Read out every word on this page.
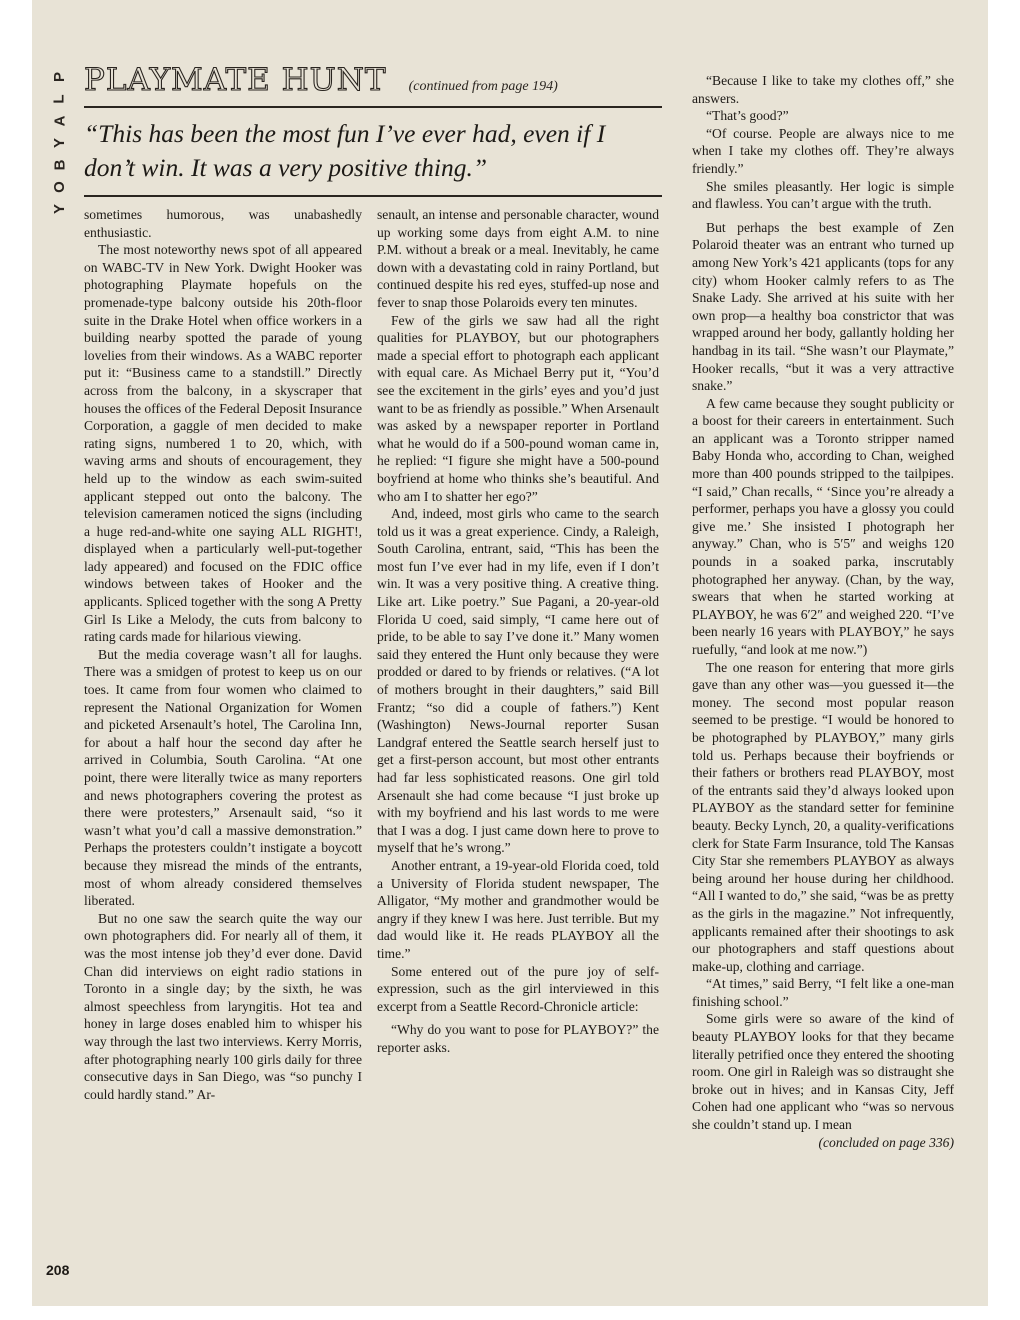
P
L
A
Y
B
O
Y
PLAYMATE HUNT (continued from page 194)
“This has been the most fun I’ve ever had, even if I don’t win. It was a very positive thing.”

sometimes humorous, was unabashedly enthusiastic.

The most noteworthy news spot of all appeared on WABC-TV in New York. Dwight Hooker was photographing Playmate hopefuls on the promenade-type balcony outside his 20th-floor suite in the Drake Hotel when office workers in a building nearby spotted the parade of young lovelies from their windows. As a WABC reporter put it: “Business came to a standstill.” Directly across from the balcony, in a skyscraper that houses the offices of the Federal Deposit Insurance Corporation, a gaggle of men decided to make rating signs, numbered 1 to 20, which, with waving arms and shouts of encouragement, they held up to the window as each swim-suited applicant stepped out onto the balcony. The television cameramen noticed the signs (including a huge red-and-white one saying ALL RIGHT!, displayed when a particularly well-put-together lady appeared) and focused on the FDIC office windows between takes of Hooker and the applicants. Spliced together with the song A Pretty Girl Is Like a Melody, the cuts from balcony to rating cards made for hilarious viewing.

But the media coverage wasn’t all for laughs. There was a smidgen of protest to keep us on our toes. It came from four women who claimed to represent the National Organization for Women and picketed Arsenault’s hotel, The Carolina Inn, for about a half hour the second day after he arrived in Columbia, South Carolina. “At one point, there were literally twice as many reporters and news photographers covering the protest as there were protesters,” Arsenault said, “so it wasn’t what you’d call a massive demonstration.” Perhaps the protesters couldn’t instigate a boycott because they misread the minds of the entrants, most of whom already considered themselves liberated.

But no one saw the search quite the way our own photographers did. For nearly all of them, it was the most intense job they’d ever done. David Chan did interviews on eight radio stations in Toronto in a single day; by the sixth, he was almost speechless from laryngitis. Hot tea and honey in large doses enabled him to whisper his way through the last two interviews. Kerry Morris, after photographing nearly 100 girls daily for three consecutive days in San Diego, was “so punchy I could hardly stand.” Ar-

senault, an intense and personable character, wound up working some days from eight A.M. to nine P.M. without a break or a meal. Inevitably, he came down with a devastating cold in rainy Portland, but continued despite his red eyes, stuffed-up nose and fever to snap those Polaroids every ten minutes.

Few of the girls we saw had all the right qualities for PLAYBOY, but our photographers made a special effort to photograph each applicant with equal care. As Michael Berry put it, “You’d see the excitement in the girls’ eyes and you’d just want to be as friendly as possible.” When Arsenault was asked by a newspaper reporter in Portland what he would do if a 500-pound woman came in, he replied: “I figure she might have a 500-pound boyfriend at home who thinks she’s beautiful. And who am I to shatter her ego?”

And, indeed, most girls who came to the search told us it was a great experience. Cindy, a Raleigh, South Carolina, entrant, said, “This has been the most fun I’ve ever had in my life, even if I don’t win. It was a very positive thing. A creative thing. Like art. Like poetry.” Sue Pagani, a 20-year-old Florida U coed, said simply, “I came here out of pride, to be able to say I’ve done it.” Many women said they entered the Hunt only because they were prodded or dared to by friends or relatives. (“A lot of mothers brought in their daughters,” said Bill Frantz; “so did a couple of fathers.”) Kent (Washington) News-Journal reporter Susan Landgraf entered the Seattle search herself just to get a first-person account, but most other entrants had far less sophisticated reasons. One girl told Arsenault she had come because “I just broke up with my boyfriend and his last words to me were that I was a dog. I just came down here to prove to myself that he’s wrong.”

Another entrant, a 19-year-old Florida coed, told a University of Florida student newspaper, The Alligator, “My mother and grandmother would be angry if they knew I was here. Just terrible. But my dad would like it. He reads PLAYBOY all the time.”

Some entered out of the pure joy of self-expression, such as the girl interviewed in this excerpt from a Seattle Record-Chronicle article:

“Why do you want to pose for PLAYBOY?” the reporter asks.

“Because I like to take my clothes off,” she answers.

“That’s good?”

“Of course. People are always nice to me when I take my clothes off. They’re always friendly.”

She smiles pleasantly. Her logic is simple and flawless. You can’t argue with the truth.

But perhaps the best example of Zen Polaroid theater was an entrant who turned up among New York’s 421 applicants (tops for any city) whom Hooker calmly refers to as The Snake Lady. She arrived at his suite with her own prop—a healthy boa constrictor that was wrapped around her body, gallantly holding her handbag in its tail. “She wasn’t our Playmate,” Hooker recalls, “but it was a very attractive snake.”

A few came because they sought publicity or a boost for their careers in entertainment. Such an applicant was a Toronto stripper named Baby Honda who, according to Chan, weighed more than 400 pounds stripped to the tailpipes. “I said,” Chan recalls, “ ‘Since you’re already a performer, perhaps you have a glossy you could give me.’ She insisted I photograph her anyway.” Chan, who is 5′5″ and weighs 120 pounds in a soaked parka, inscrutably photographed her anyway. (Chan, by the way, swears that when he started working at PLAYBOY, he was 6′2″ and weighed 220. “I’ve been nearly 16 years with PLAYBOY,” he says ruefully, “and look at me now.”)

The one reason for entering that more girls gave than any other was—you guessed it—the money. The second most popular reason seemed to be prestige. “I would be honored to be photographed by PLAYBOY,” many girls told us. Perhaps because their boyfriends or their fathers or brothers read PLAYBOY, most of the entrants said they’d always looked upon PLAYBOY as the standard setter for feminine beauty. Becky Lynch, 20, a quality-verifications clerk for State Farm Insurance, told The Kansas City Star she remembers PLAYBOY as always being around her house during her childhood. “All I wanted to do,” she said, “was be as pretty as the girls in the magazine.” Not infrequently, applicants remained after their shootings to ask our photographers and staff questions about make-up, clothing and carriage.

“At times,” said Berry, “I felt like a one-man finishing school.”

Some girls were so aware of the kind of beauty PLAYBOY looks for that they became literally petrified once they entered the shooting room. One girl in Raleigh was so distraught she broke out in hives; and in Kansas City, Jeff Cohen had one applicant who “was so nervous she couldn’t stand up. I mean

(concluded on page 336)

208
